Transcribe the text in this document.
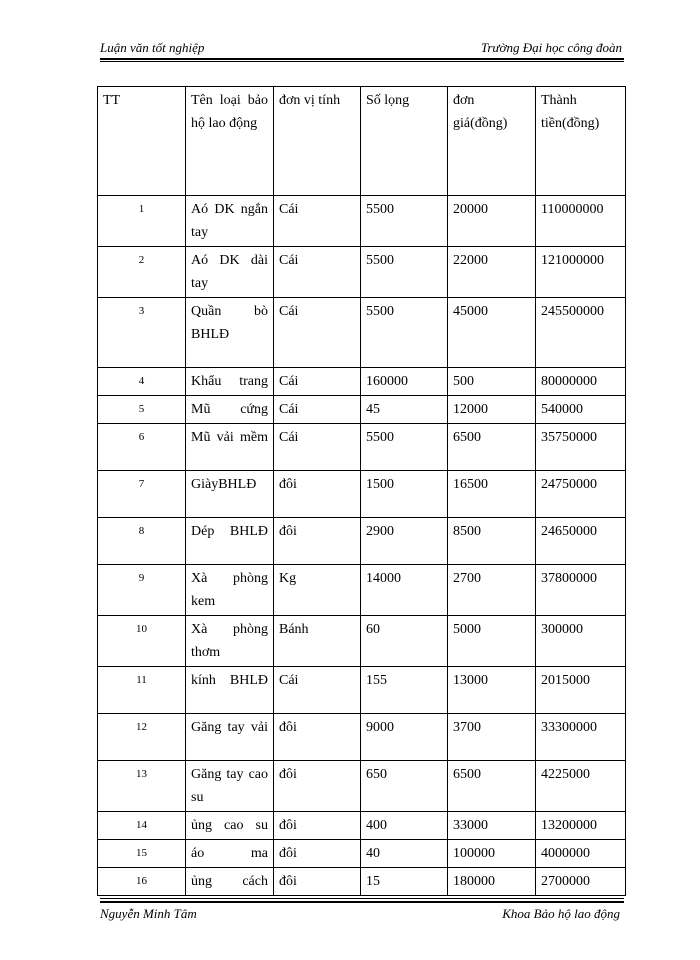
Luận văn tốt nghiệp	Trường Đại học công đoàn
TT	Tên loại bảo hộ lao động	đơn vị tính	Số lọng	đơn giá(đồng)	Thành tiền(đồng)
1	Aó DK ngắn tay	Cái	5500	20000	110000000
2	Aó DK dài tay	Cái	5500	22000	121000000
3	Quần bò BHLĐ	Cái	5500	45000	245500000
4	Khẩu trang	Cái	160000	500	80000000
5	Mũ cứng	Cái	45	12000	540000
6	Mũ vải mềm	Cái	5500	6500	35750000
7	GiàyBHLĐ	đôi	1500	16500	24750000
8	Dép BHLĐ	đôi	2900	8500	24650000
9	Xà phòng kem	Kg	14000	2700	37800000
10	Xà phòng thơm	Bánh	60	5000	300000
11	kính BHLĐ	Cái	155	13000	2015000
12	Găng tay vải	đôi	9000	3700	33300000
13	Găng tay cao su	đôi	650	6500	4225000
14	ủng cao su	đôi	400	33000	13200000
15	áo ma	đôi	40	100000	4000000
16	ủng cách	đôi	15	180000	2700000
Nguyễn Minh Tâm	Khoa Bảo hộ lao động
